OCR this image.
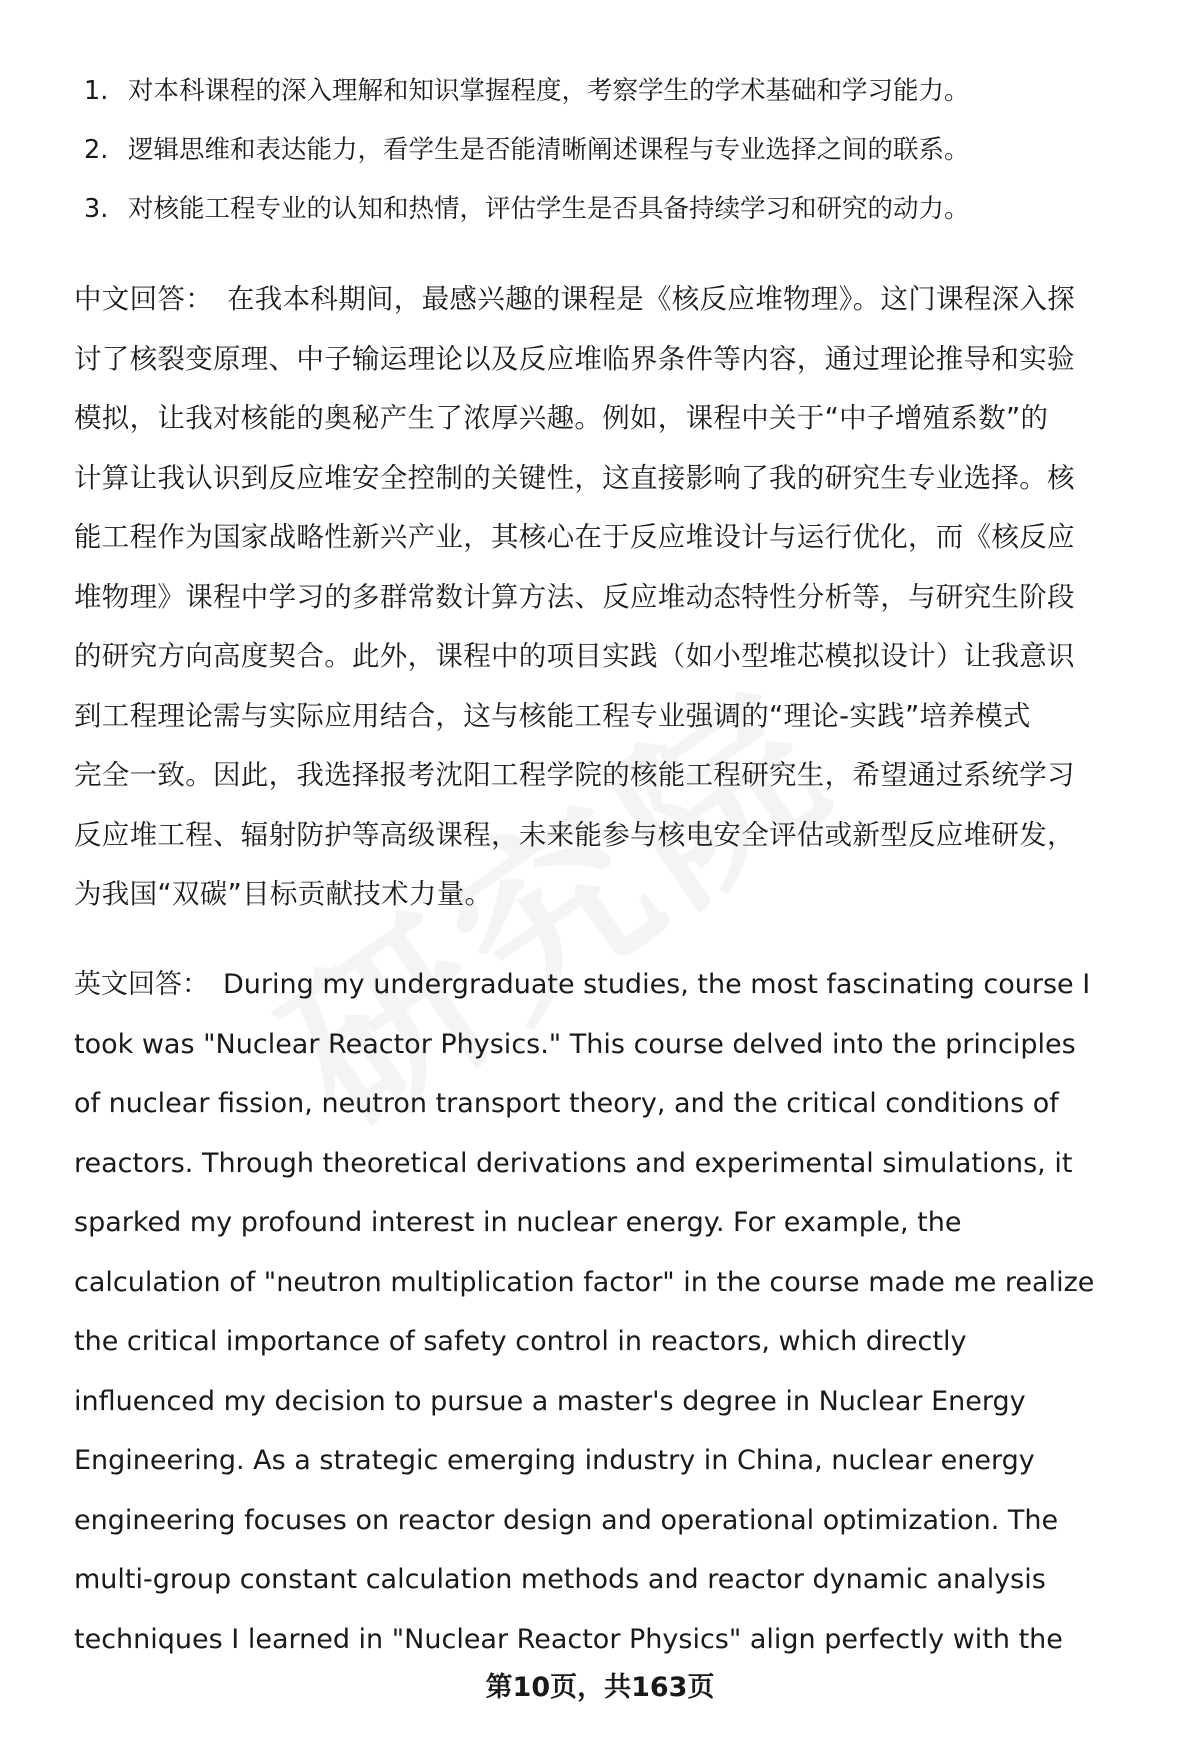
1. 对本科课程的深入理解和知识掌握程度，考察学生的学术基础和学习能力。
2. 逻辑思维和表达能力，看学生是否能清晰阐述课程与专业选择之间的联系。
3. 对核能工程专业的认知和热情，评估学生是否具备持续学习和研究的动力。
中文回答： 在我本科期间，最感兴趣的课程是《核反应堆物理》。这门课程深入探
讨了核裂变原理、中子输运理论以及反应堆临界条件等内容，通过理论推导和实验
模拟，让我对核能的奥秘产生了浓厚兴趣。例如，课程中关于“中子增殖系数”的
计算让我认识到反应堆安全控制的关键性，这直接影响了我的研究生专业选择。核
能工程作为国家战略性新兴产业，其核心在于反应堆设计与运行优化，而《核反应
堆物理》课程中学习的多群常数计算方法、反应堆动态特性分析等，与研究生阶段
的研究方向高度契合。此外，课程中的项目实践（如小型堆芯模拟设计）让我意识
到工程理论需与实际应用结合，这与核能工程专业强调的“理论-实践”培养模式
完全一致。因此，我选择报考沈阳工程学院的核能工程研究生，希望通过系统学习
反应堆工程、辐射防护等高级课程，未来能参与核电安全评估或新型反应堆研发，
为我国“双碳”目标贡献技术力量。
英文回答： During my undergraduate studies, the most fascinating course I
took was "Nuclear Reactor Physics." This course delved into the principles
of nuclear fission, neutron transport theory, and the critical conditions of
reactors. Through theoretical derivations and experimental simulations, it
sparked my profound interest in nuclear energy. For example, the
calculation of "neutron multiplication factor" in the course made me realize
the critical importance of safety control in reactors, which directly
influenced my decision to pursue a master's degree in Nuclear Energy
Engineering. As a strategic emerging industry in China, nuclear energy
engineering focuses on reactor design and operational optimization. The
multi-group constant calculation methods and reactor dynamic analysis
techniques I learned in "Nuclear Reactor Physics" align perfectly with the
第10页，共163页
